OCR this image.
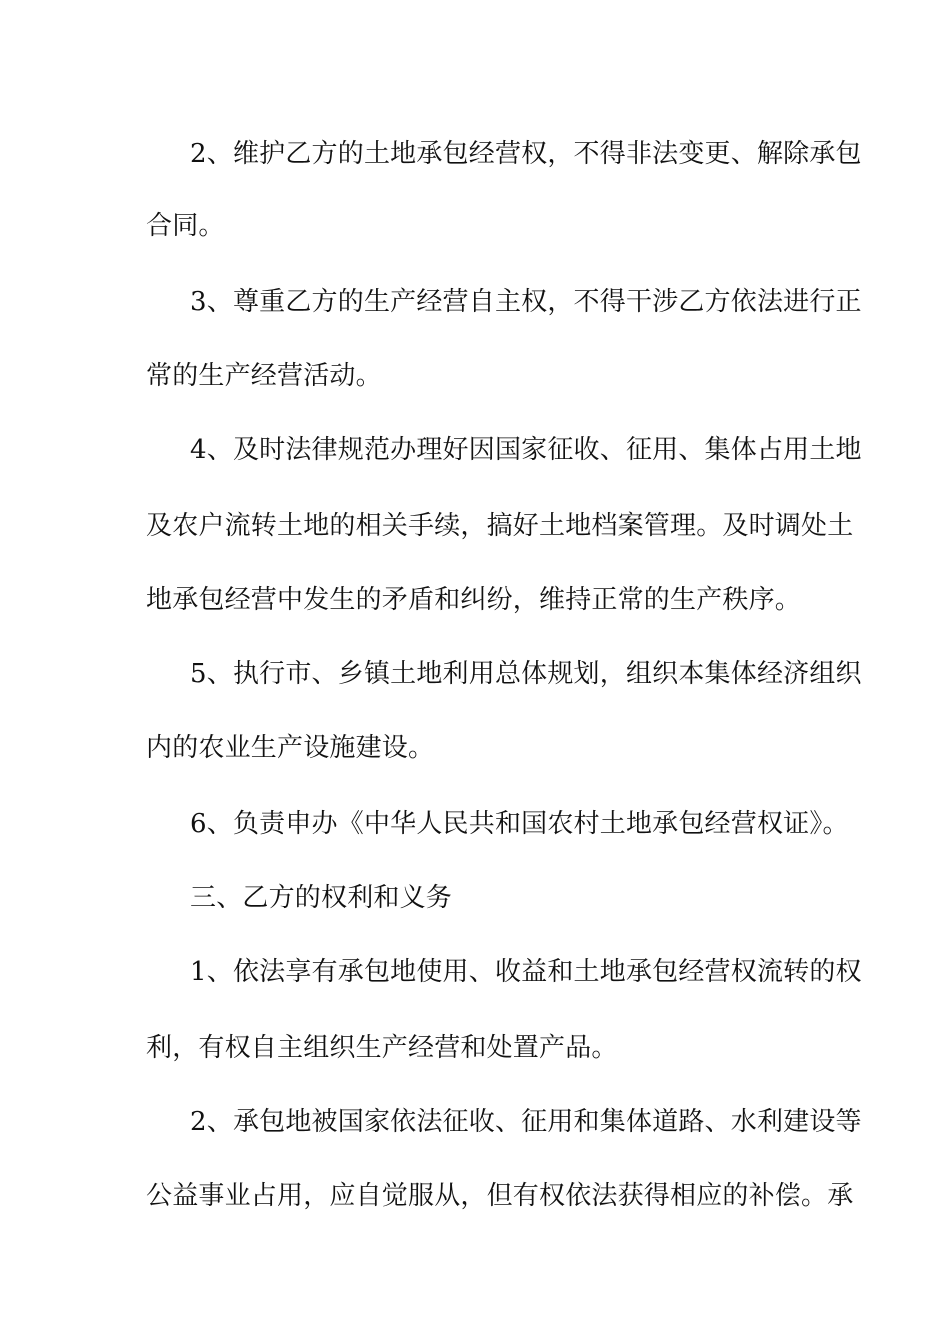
2、维护乙方的土地承包经营权，不得非法变更、解除承包
合同。
3、尊重乙方的生产经营自主权，不得干涉乙方依法进行正
常的生产经营活动。
4、及时法律规范办理好因国家征收、征用、集体占用土地
及农户流转土地的相关手续，搞好土地档案管理。及时调处土
地承包经营中发生的矛盾和纠纷，维持正常的生产秩序。
5、执行市、乡镇土地利用总体规划，组织本集体经济组织
内的农业生产设施建设。
6、负责申办《中华人民共和国农村土地承包经营权证》。
三、乙方的权利和义务
1、依法享有承包地使用、收益和土地承包经营权流转的权
利，有权自主组织生产经营和处置产品。
2、承包地被国家依法征收、征用和集体道路、水利建设等
公益事业占用，应自觉服从，但有权依法获得相应的补偿。承
